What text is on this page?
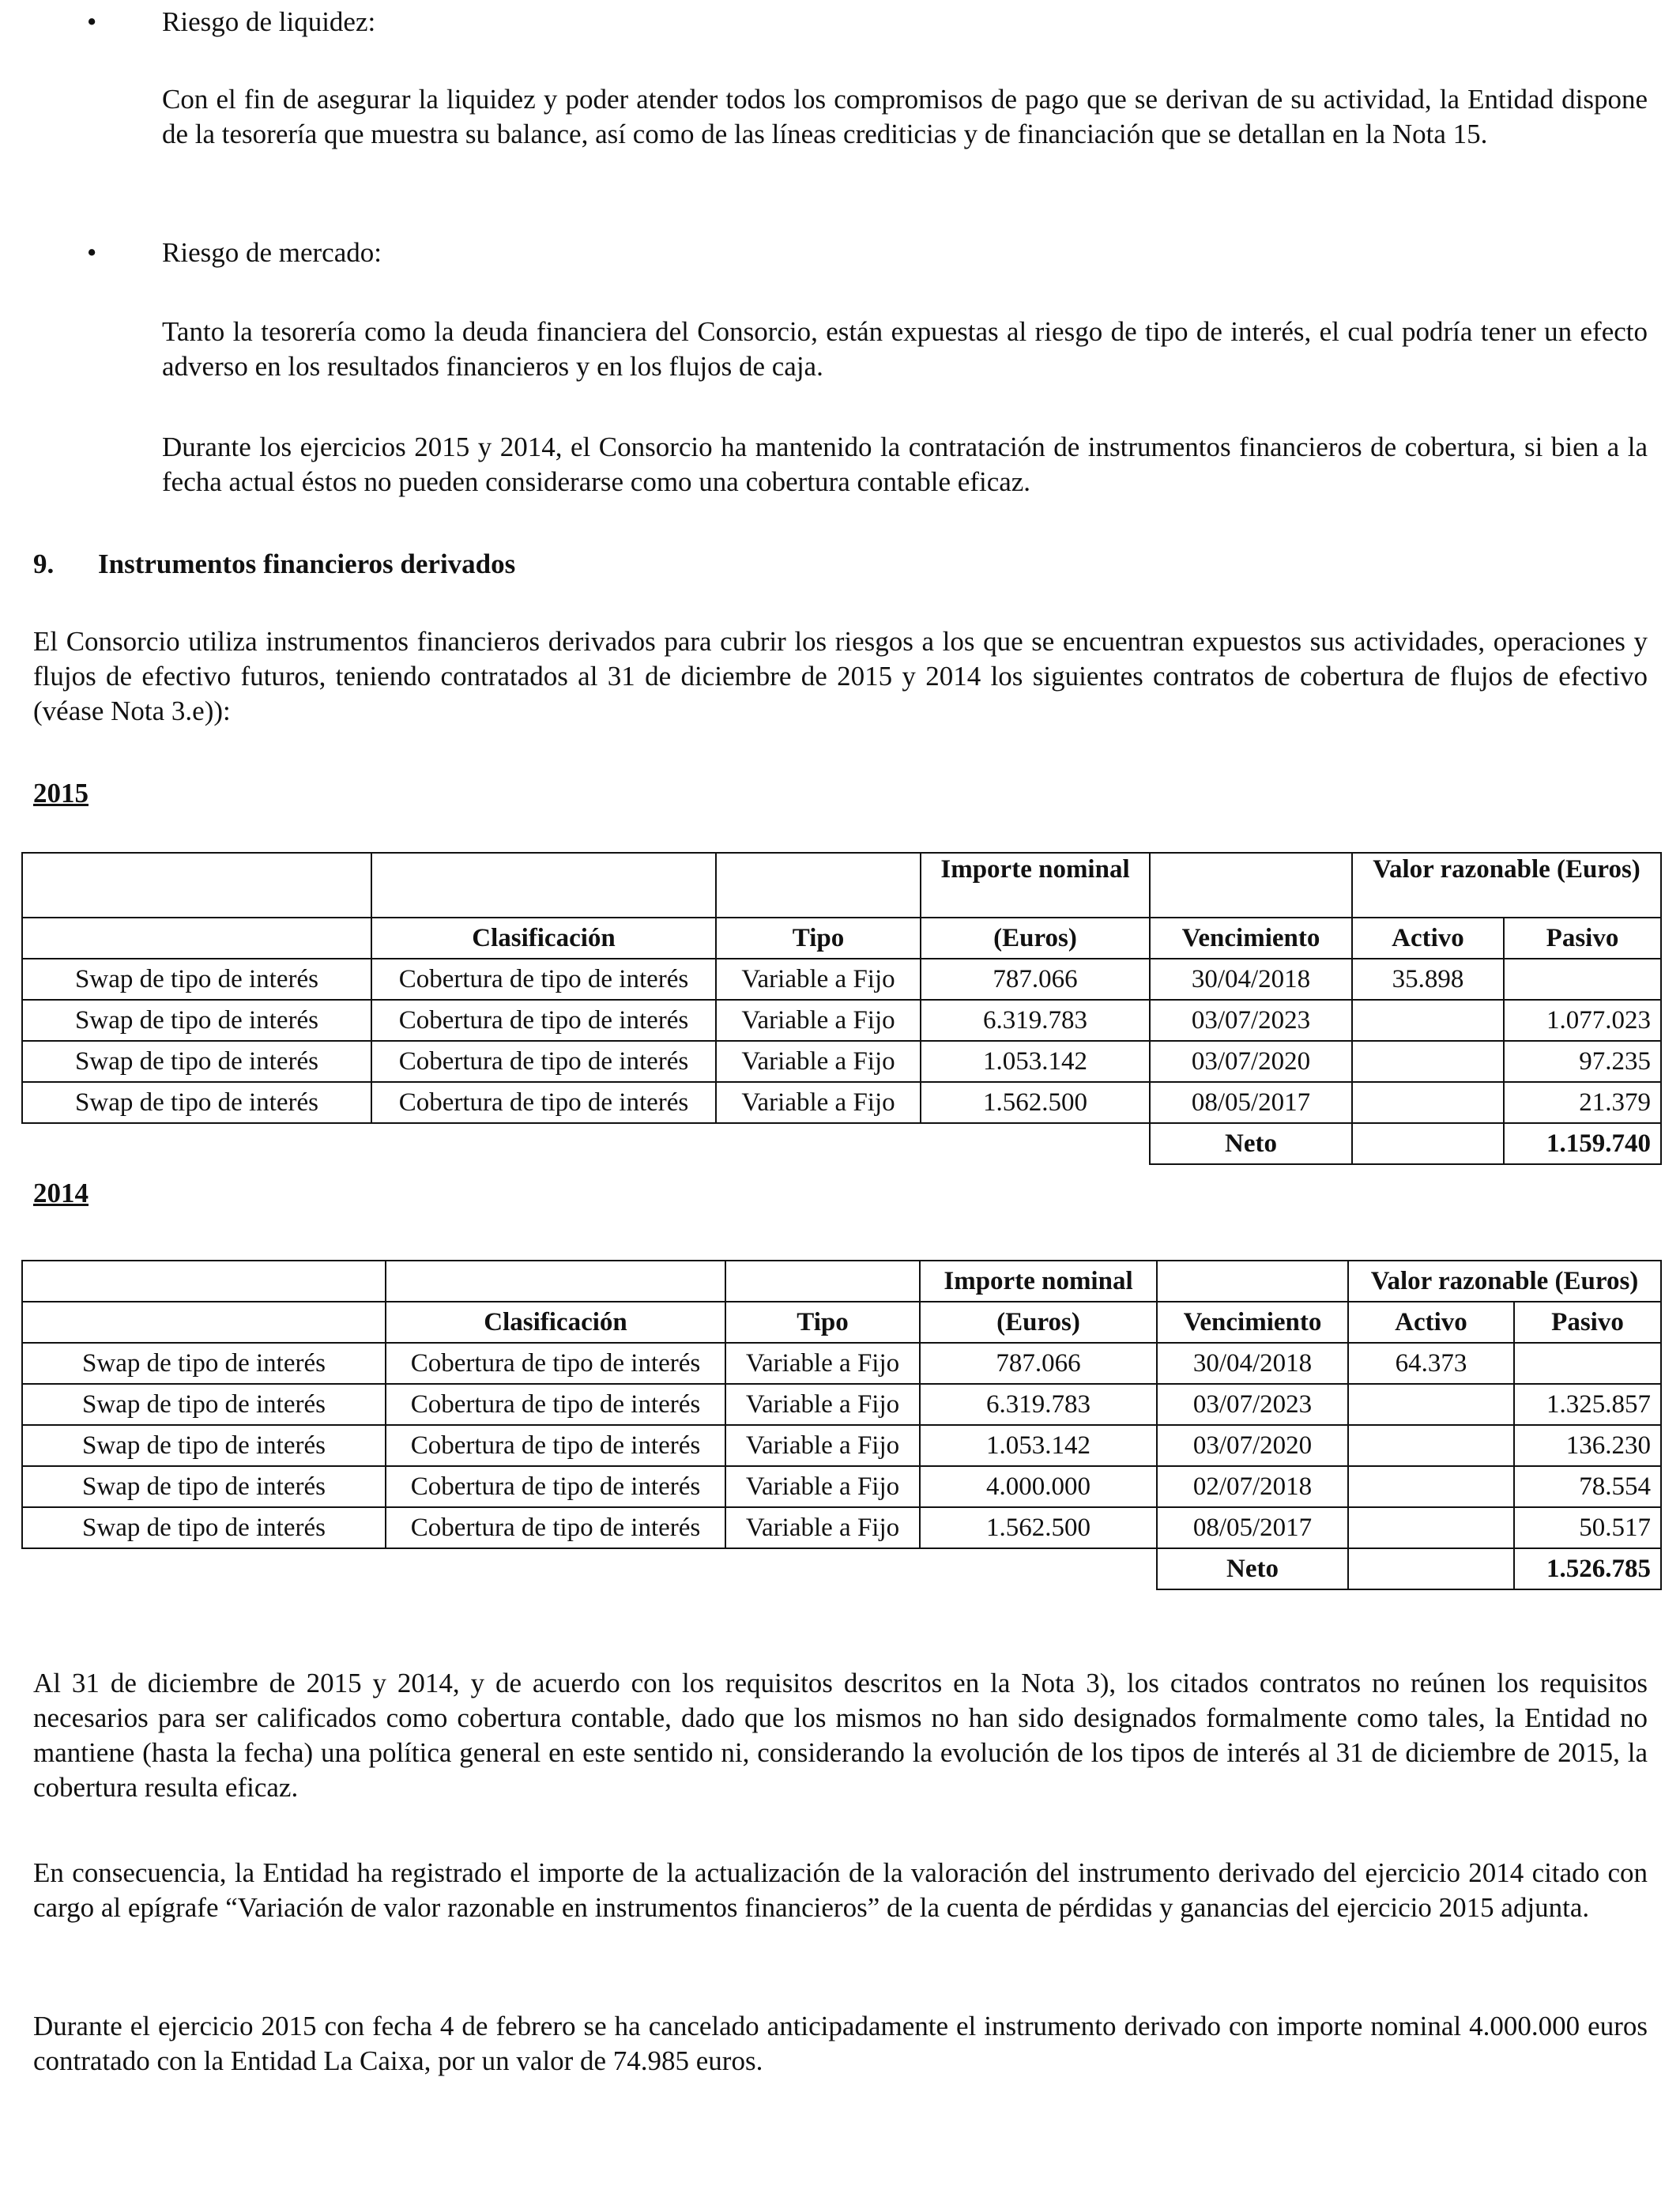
• Riesgo de liquidez:

Con el fin de asegurar la liquidez y poder atender todos los compromisos de pago que se derivan de su actividad, la Entidad dispone de la tesorería que muestra su balance, así como de las líneas crediticias y de financiación que se detallan en la Nota 15.

• Riesgo de mercado:

Tanto la tesorería como la deuda financiera del Consorcio, están expuestas al riesgo de tipo de interés, el cual podría tener un efecto adverso en los resultados financieros y en los flujos de caja.

Durante los ejercicios 2015 y 2014, el Consorcio ha mantenido la contratación de instrumentos financieros de cobertura, si bien a la fecha actual éstos no pueden considerarse como una cobertura contable eficaz.

9. Instrumentos financieros derivados

El Consorcio utiliza instrumentos financieros derivados para cubrir los riesgos a los que se encuentran expuestos sus actividades, operaciones y flujos de efectivo futuros, teniendo contratados al 31 de diciembre de 2015 y 2014 los siguientes contratos de cobertura de flujos de efectivo (véase Nota 3.e)):

2015
			Importe nominal		Valor razonable (Euros)	
	Clasificación	Tipo	(Euros)	Vencimiento	Activo	Pasivo
Swap de tipo de interés	Cobertura de tipo de interés	Variable a Fijo	787.066	30/04/2018	35.898	
Swap de tipo de interés	Cobertura de tipo de interés	Variable a Fijo	6.319.783	03/07/2023		1.077.023
Swap de tipo de interés	Cobertura de tipo de interés	Variable a Fijo	1.053.142	03/07/2020		97.235
Swap de tipo de interés	Cobertura de tipo de interés	Variable a Fijo	1.562.500	08/05/2017		21.379
				Neto		1.159.740
2014
			Importe nominal		Valor razonable (Euros)	
	Clasificación	Tipo	(Euros)	Vencimiento	Activo	Pasivo
Swap de tipo de interés	Cobertura de tipo de interés	Variable a Fijo	787.066	30/04/2018	64.373	
Swap de tipo de interés	Cobertura de tipo de interés	Variable a Fijo	6.319.783	03/07/2023		1.325.857
Swap de tipo de interés	Cobertura de tipo de interés	Variable a Fijo	1.053.142	03/07/2020		136.230
Swap de tipo de interés	Cobertura de tipo de interés	Variable a Fijo	4.000.000	02/07/2018		78.554
Swap de tipo de interés	Cobertura de tipo de interés	Variable a Fijo	1.562.500	08/05/2017		50.517
				Neto		1.526.785

Al 31 de diciembre de 2015 y 2014, y de acuerdo con los requisitos descritos en la Nota 3), los citados contratos no reúnen los requisitos necesarios para ser calificados como cobertura contable, dado que los mismos no han sido designados formalmente como tales, la Entidad no mantiene (hasta la fecha) una política general en este sentido ni, considerando la evolución de los tipos de interés al 31 de diciembre de 2015, la cobertura resulta eficaz.

En consecuencia, la Entidad ha registrado el importe de la actualización de la valoración del instrumento derivado del ejercicio 2014 citado con cargo al epígrafe “Variación de valor razonable en instrumentos financieros” de la cuenta de pérdidas y ganancias del ejercicio 2015 adjunta.

Durante el ejercicio 2015 con fecha 4 de febrero se ha cancelado anticipadamente el instrumento derivado con importe nominal 4.000.000 euros contratado con la Entidad La Caixa, por un valor de 74.985 euros.
